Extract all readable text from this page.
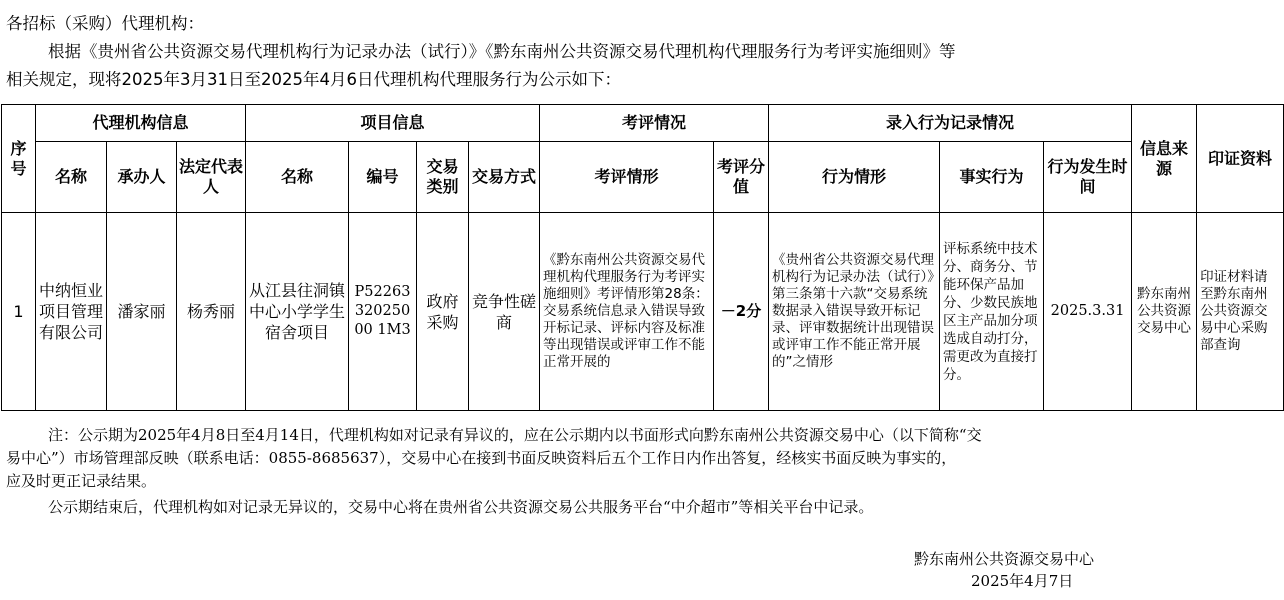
各招标（采购）代理机构：
根据《贵州省公共资源交易代理机构行为记录办法（试行）》《黔东南州公共资源交易代理机构代理服务行为考评实施细则》等
相关规定，现将2025年3月31日至2025年4月6日代理机构代理服务行为公示如下：
序号	代理机构信息			项目信息				考评情况		录入行为记录情况			信息来源	印证资料
	名称	承办人	法定代表人	名称	编号	交易类别	交易方式	考评情形	考评分值	行为情形	事实行为	行为发生时间		
1	中纳恒业项目管理有限公司	潘家丽	杨秀丽	从江县往洞镇中心小学学生宿舍项目	P5226332025000 1M3	政府采购	竞争性磋商	《黔东南州公共资源交易代理机构代理服务行为考评实施细则》考评情形第28条：交易系统信息录入错误导致开标记录、评标内容及标准等出现错误或评审工作不能正常开展的	－2分	《贵州省公共资源交易代理机构行为记录办法（试行）》第三条第十六款“交易系统数据录入错误导致开标记录、评审数据统计出现错误或评审工作不能正常开展的”之情形	评标系统中技术分、商务分、节能环保产品加分、少数民族地区主产品加分项选成自动打分，需更改为直接打分。	2025.3.31	黔东南州公共资源交易中心	印证材料请至黔东南州公共资源交易中心采购部查询
注：公示期为2025年4月8日至4月14日，代理机构如对记录有异议的，应在公示期内以书面形式向黔东南州公共资源交易中心（以下简称“交
易中心”）市场管理部反映（联系电话：0855-8685637），交易中心在接到书面反映资料后五个工作日内作出答复，经核实书面反映为事实的，
应及时更正记录结果。
公示期结束后，代理机构如对记录无异议的，交易中心将在贵州省公共资源交易公共服务平台“中介超市”等相关平台中记录。
黔东南州公共资源交易中心
2025年4月7日
